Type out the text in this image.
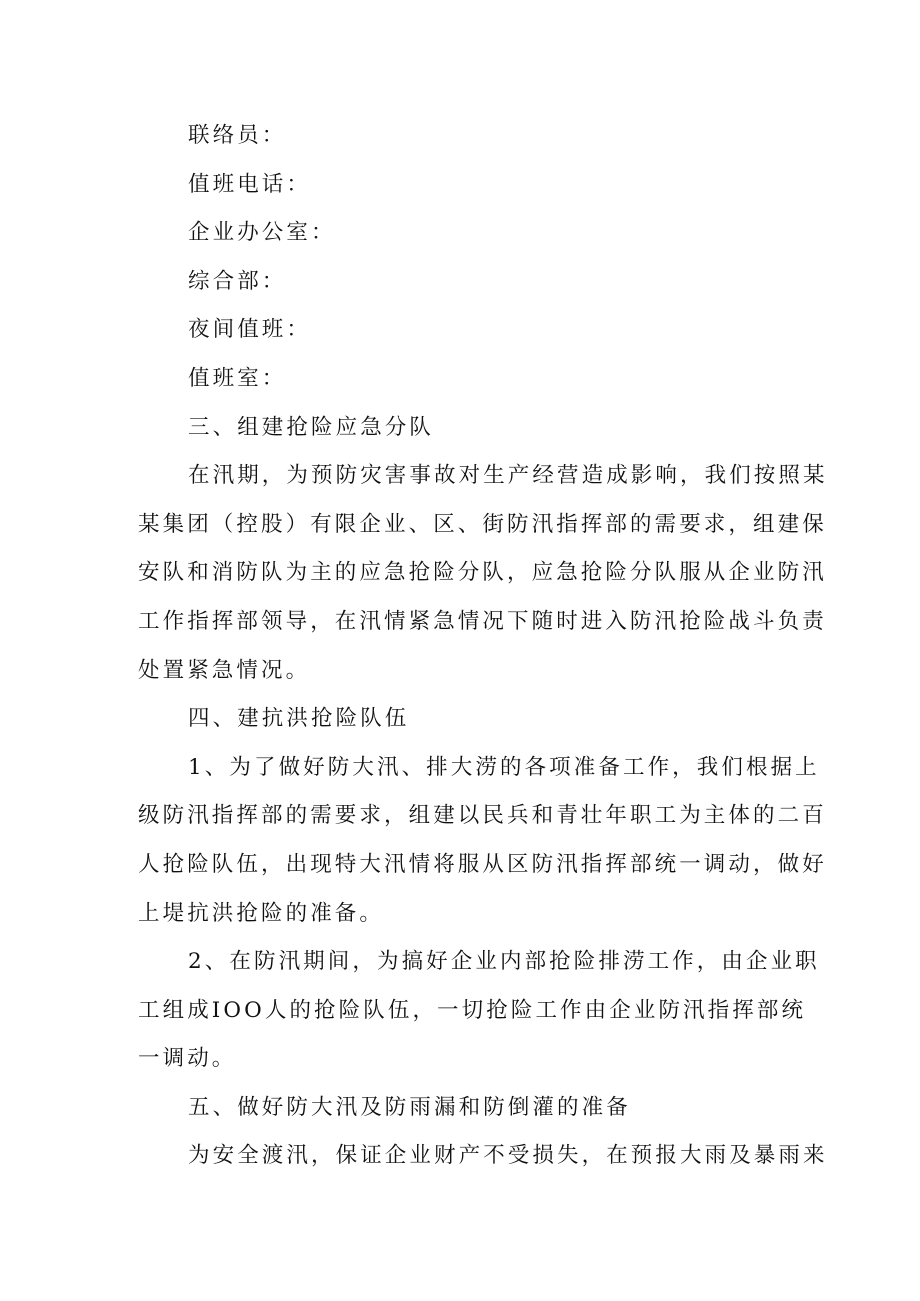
联络员：
值班电话：
企业办公室：
综合部：
夜间值班：
值班室：
三、组建抢险应急分队
在汛期，为预防灾害事故对生产经营造成影响，我们按照某
某集团（控股）有限企业、区、街防汛指挥部的需要求，组建保
安队和消防队为主的应急抢险分队，应急抢险分队服从企业防汛
工作指挥部领导，在汛情紧急情况下随时进入防汛抢险战斗负责
处置紧急情况。
四、建抗洪抢险队伍
1、为了做好防大汛、排大涝的各项准备工作，我们根据上
级防汛指挥部的需要求，组建以民兵和青壮年职工为主体的二百
人抢险队伍，出现特大汛情将服从区防汛指挥部统一调动，做好
上堤抗洪抢险的准备。
2、在防汛期间，为搞好企业内部抢险排涝工作，由企业职
工组成IOO人的抢险队伍，一切抢险工作由企业防汛指挥部统
一调动。
五、做好防大汛及防雨漏和防倒灌的准备
为安全渡汛，保证企业财产不受损失，在预报大雨及暴雨来
